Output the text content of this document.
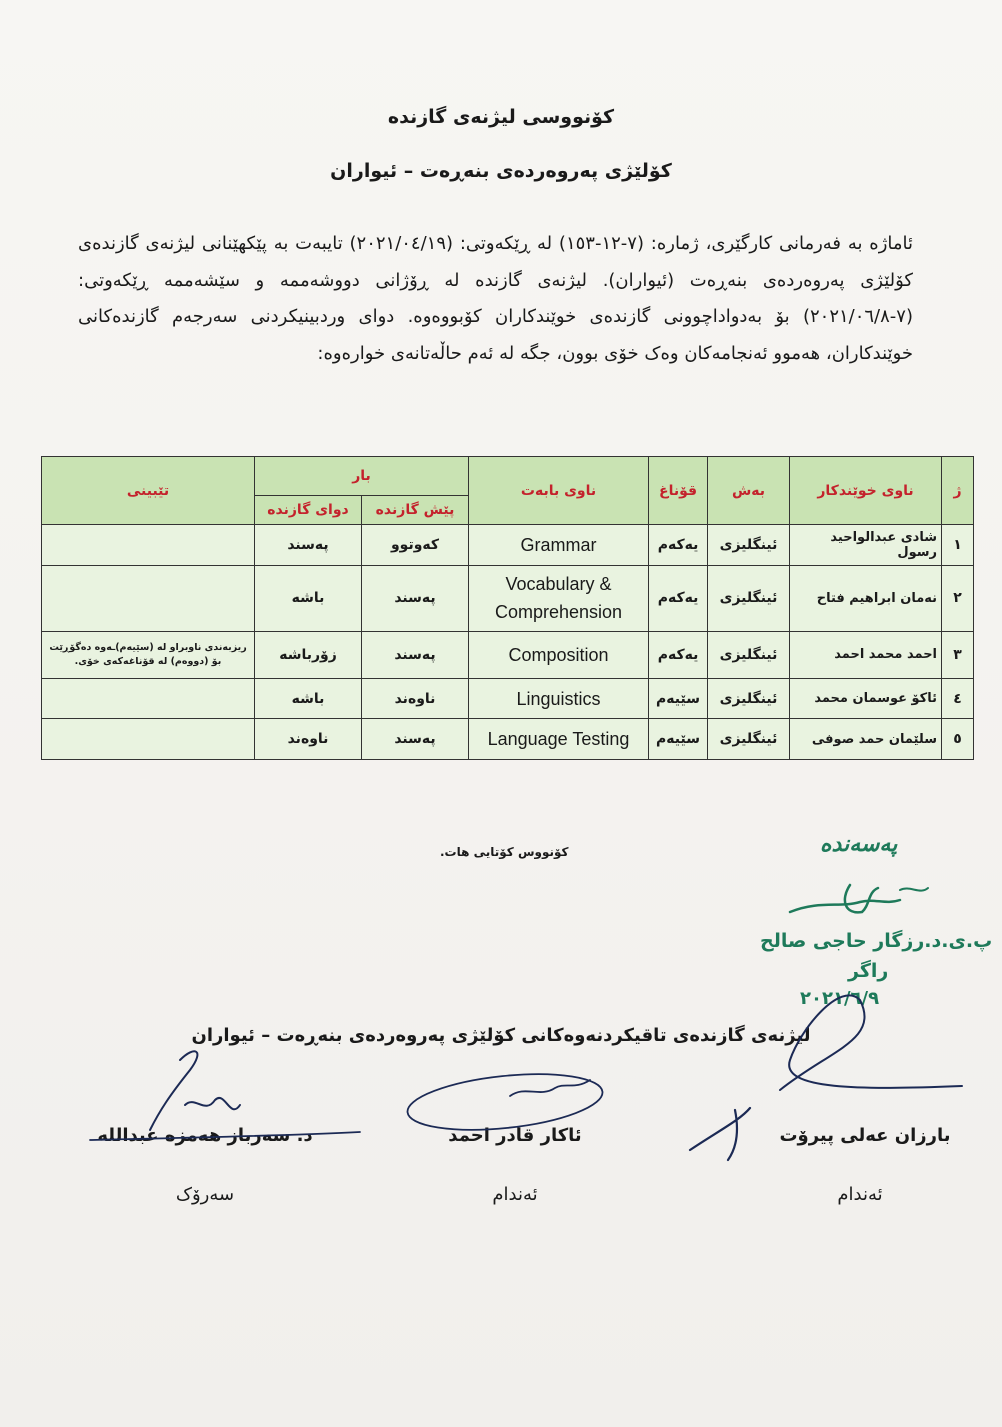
کۆنووسی لیژنەی گازندە
کۆلێژی پەروەردەی بنەڕەت – ئیواران
ئاماژە بە فەرمانی کارگێری، ژمارە: (٧-١٢-١٥٣) لە ڕێکەوتی: (٢٠٢١/٠٤/١٩) تایبەت بە پێکهێنانی لیژنەی گازندەی کۆلێژی پەروەردەی بنەڕەت (ئیواران). لیژنەی گازندە لە ڕۆژانی دووشەممە و سێشەممە ڕێکەوتی: (٧-٢٠٢١/٠٦/٨) بۆ بەدواداچوونی گازندەی خوێندکاران کۆبووەوە. دوای وردبینیکردنی سەرجەم گازندەکانی خوێندکاران، هەموو ئەنجامەکان وەک خۆی بوون، جگە لە ئەم حاڵەتانەی خوارەوە:
ژ	ناوی خوێندکار	بەش	قۆناغ	ناوی بابەت	بار		تێبینی
					پێش گازندە	دوای گازندە	
١	شادی عبدالواحید رسول	ئینگلیزی	یەکەم	Grammar	کەوتوو	پەسند	
٢	نەمان ابراهیم فتاح	ئینگلیزی	یەکەم	Vocabulary & Comprehension	پەسند	باشە	
٣	احمد محمد احمد	ئینگلیزی	یەکەم	Composition	پەسند	زۆرباشە	ریزبەندی ناوبراو لە (سێیەم)ـەوە دەگۆڕێت بۆ (دووەم) لە قۆناغەکەی خۆی.
٤	ئاکۆ عوسمان محمد	ئینگلیزی	سێیەم	Linguistics	ناوەند	باشە	
٥	سلێمان حمد صوفی	ئینگلیزی	سێیەم	Language Testing	پەسند	ناوەند	
کۆنووس کۆتایی هات.	پەسەندە
پ.ی.د.رزگار حاجی صالح
راگر
٢٠٢١/٦/٩
لیژنەی گازندەی تاقیکردنەوەکانی کۆلێژی پەروەردەی بنەڕەت – ئیواران
بارزان عەلی پیرۆت
ئاکار قادر احمد
د. سەرباز هەمزە عبداللە
ئەندام
ئەندام
سەرۆک
